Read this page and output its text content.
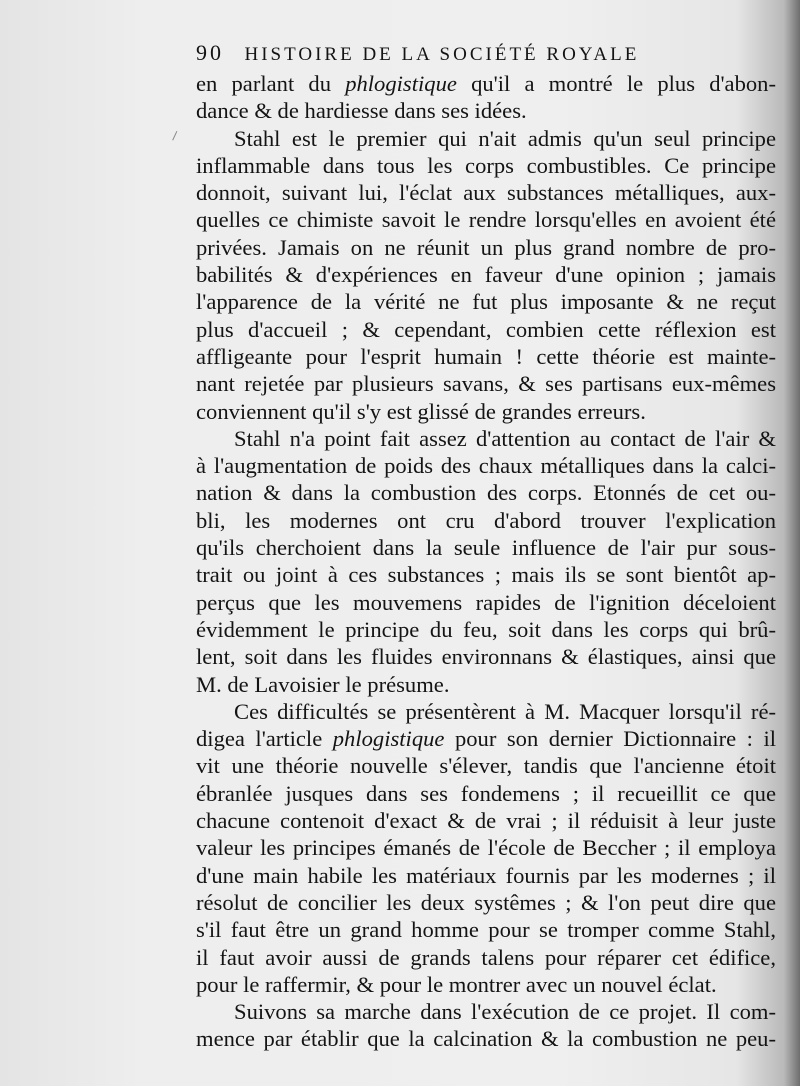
90 HISTOIRE DE LA SOCIÉTÉ ROYALE
en parlant du phlogistique qu'il a montré le plus d'abon-
dance & de hardiesse dans ses idées.
Stahl est le premier qui n'ait admis qu'un seul principe
inflammable dans tous les corps combustibles. Ce principe
donnoit, suivant lui, l'éclat aux substances métalliques, aux-
quelles ce chimiste savoit le rendre lorsqu'elles en avoient été
privées. Jamais on ne réunit un plus grand nombre de pro-
babilités & d'expériences en faveur d'une opinion ; jamais
l'apparence de la vérité ne fut plus imposante & ne reçut
plus d'accueil ; & cependant, combien cette réflexion est
affligeante pour l'esprit humain ! cette théorie est mainte-
nant rejetée par plusieurs savans, & ses partisans eux-mêmes
conviennent qu'il s'y est glissé de grandes erreurs.
Stahl n'a point fait assez d'attention au contact de l'air &
à l'augmentation de poids des chaux métalliques dans la calci-
nation & dans la combustion des corps. Etonnés de cet ou-
bli, les modernes ont cru d'abord trouver l'explication
qu'ils cherchoient dans la seule influence de l'air pur sous-
trait ou joint à ces substances ; mais ils se sont bientôt ap-
perçus que les mouvemens rapides de l'ignition déceloient
évidemment le principe du feu, soit dans les corps qui brû-
lent, soit dans les fluides environnans & élastiques, ainsi que
M. de Lavoisier le présume.
Ces difficultés se présentèrent à M. Macquer lorsqu'il ré-
digea l'article phlogistique pour son dernier Dictionnaire : il
vit une théorie nouvelle s'élever, tandis que l'ancienne étoit
ébranlée jusques dans ses fondemens ; il recueillit ce que
chacune contenoit d'exact & de vrai ; il réduisit à leur juste
valeur les principes émanés de l'école de Beccher ; il employa
d'une main habile les matériaux fournis par les modernes ; il
résolut de concilier les deux systêmes ; & l'on peut dire que
s'il faut être un grand homme pour se tromper comme Stahl,
il faut avoir aussi de grands talens pour réparer cet édifice,
pour le raffermir, & pour le montrer avec un nouvel éclat.
Suivons sa marche dans l'exécution de ce projet. Il com-
mence par établir que la calcination & la combustion ne peu-
